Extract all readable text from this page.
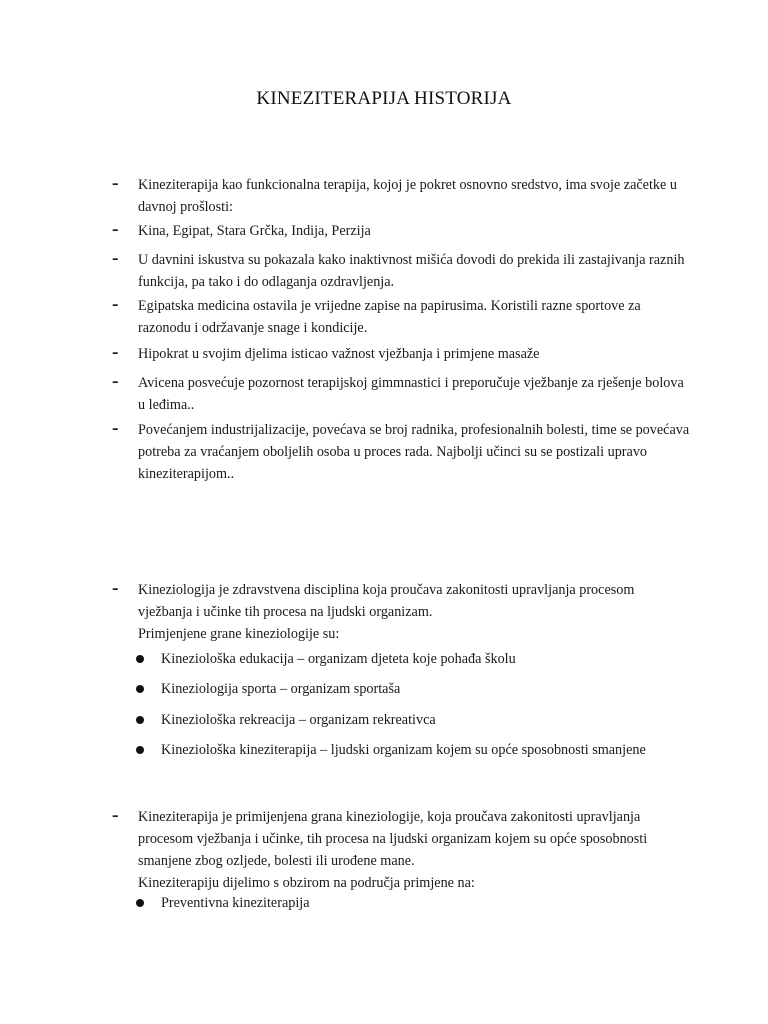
KINEZITERAPIJA HISTORIJA
–	Kineziterapija kao funkcionalna terapija, kojoj je pokret osnovno sredstvo, ima svoje začetke u davnoj prošlosti:
–	Kina, Egipat, Stara Grčka, Indija, Perzija
–	U davnini iskustva su pokazala kako inaktivnost mišića dovodi do prekida ili zastajivanja raznih funkcija, pa tako i do odlaganja ozdravljenja.
–	Egipatska medicina ostavila je vrijedne zapise na papirusima. Koristili razne sportove za razonodu i održavanje snage i kondicije.
–	Hipokrat u svojim djelima isticao važnost vježbanja i primjene masaže
–	Avicena posvećuje pozornost terapijskoj gimmnastici i preporučuje vježbanje za rješenje bolova u leđima..
–	Povećanjem industrijalizacije, povećava se broj radnika, profesionalnih bolesti, time se povećava potreba za vraćanjem oboljelih osoba u proces rada. Najbolji učinci su se postizali upravo kineziterapijom..
–	Kineziologija je zdravstvena disciplina koja proučava zakonitosti upravljanja procesom vježbanja i učinke tih procesa na ljudski organizam.
Primjenjene grane kineziologije su:
Kineziološka edukacija – organizam djeteta koje pohađa školu
Kineziologija sporta – organizam sportaša
Kineziološka rekreacija – organizam rekreativca
Kineziološka kineziterapija – ljudski organizam kojem su opće sposobnosti smanjene
–	Kineziterapija je primijenjena grana kineziologije, koja proučava zakonitosti upravljanja procesom vježbanja i učinke, tih procesa na ljudski organizam kojem su opće sposobnosti smanjene zbog ozljede, bolesti ili urođene mane.
Kineziterapiju dijelimo s obzirom na područja primjene na:
Preventivna kineziterapija
